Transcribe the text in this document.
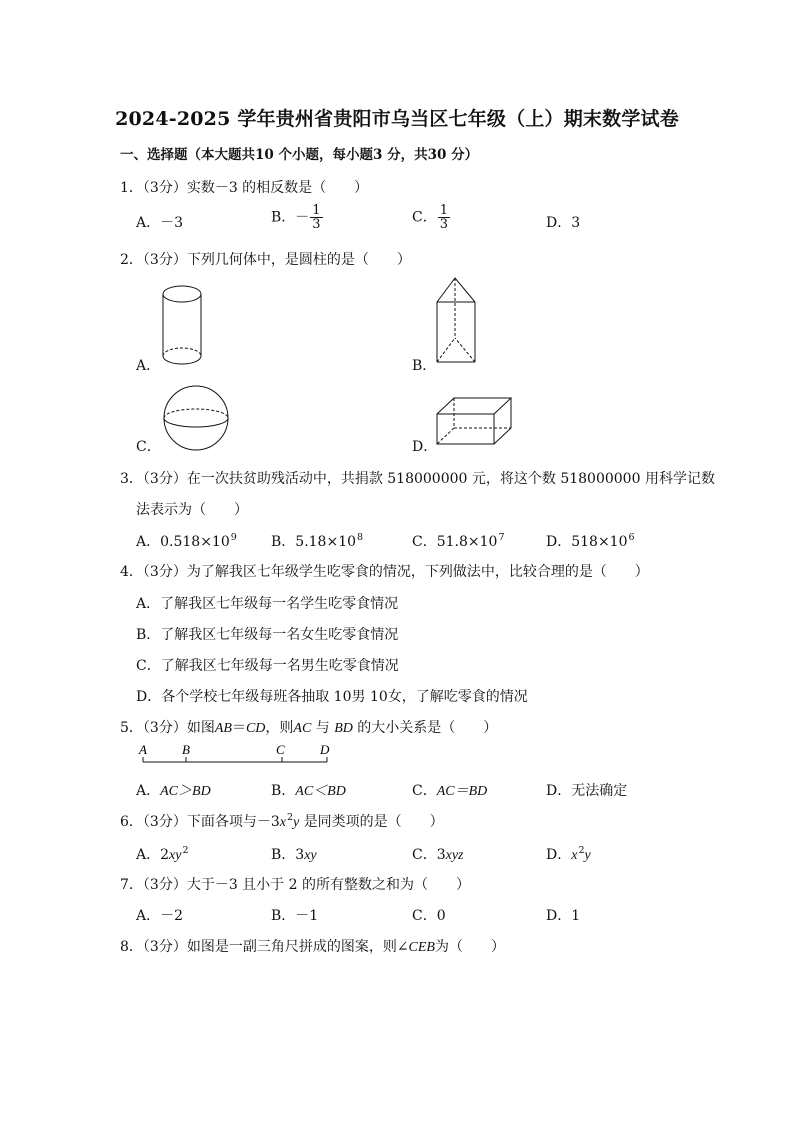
2024-2025 学年贵州省贵阳市乌当区七年级（上）期末数学试卷
一、选择题（本大题共10 个小题，每小题3 分，共30 分）
1．（3分）实数－3 的相反数是（　　）
A．－3	B．－ $\frac{1}{3}$	C． $\frac{1}{3}$	D．3
2．（3分）下列几何体中，是圆柱的是（　　）
A．	B．
C．	D．
3．（3分）在一次扶贫助残活动中，共捐款 518000000 元，将这个数 518000000 用科学记数
法表示为（　　）
A．$0.518\times 10^9$ B．$5.18\times 10^8$	C．$51.8\times 10^7$	D．$518\times 10^6$
4．（3分）为了解我区七年级学生吃零食的情况，下列做法中，比较合理的是（　　）
A．了解我区七年级每一名学生吃零食情况
B．了解我区七年级每一名女生吃零食情况
C．了解我区七年级每一名男生吃零食情况
D．各个学校七年级每班各抽取 10男 10女，了解吃零食的情况
5．（3分）如图AB＝CD，则AC 与 BD 的大小关系是（　　）
A	B	C	D
A．AC＞BD	B．AC＜BD	C．AC＝BD	D．无法确定
6．（3分）下面各项与$-3x^2y$ 是同类项的是（　　）
A．$2xy^2$	B．3xy	C．3xyz	D．$x^2y$
7．（3分）大于－3 且小于 2 的所有整数之和为（　　）
A．－2	B．－1	C．0	D．1
8．（3分）如图是一副三角尺拼成的图案，则∠CEB为（　　）
